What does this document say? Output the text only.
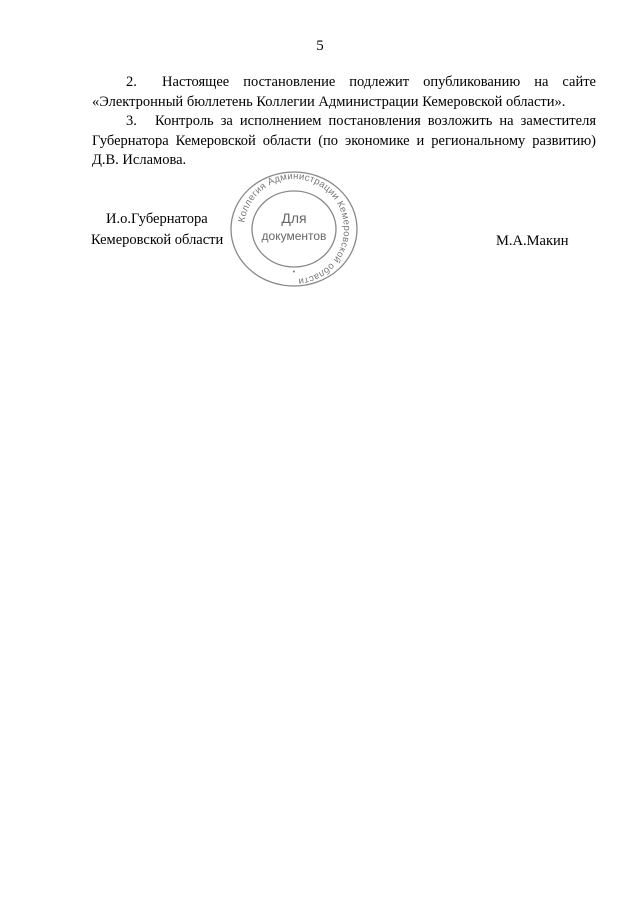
5

2. Настоящее постановление подлежит опубликованию на сайте «Электронный бюллетень Коллегии Администрации Кемеровской области».

3. Контроль за исполнением постановления возложить на заместителя Губернатора Кемеровской области (по экономике и региональному развитию) Д.В. Исламова.

И.о.Губернатора
Кемеровской области	М.А.Макин
Коллегия Администрации Кемеровской области
Для
документов
•
